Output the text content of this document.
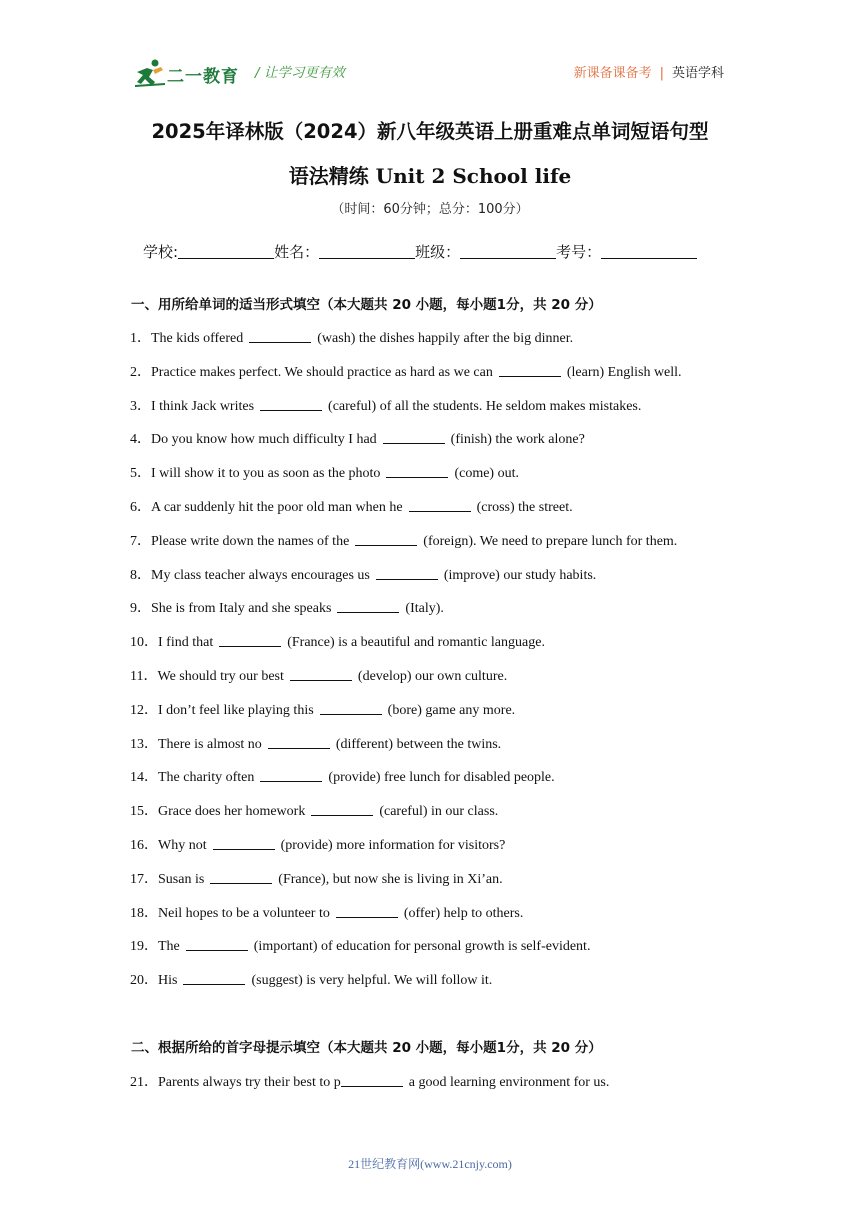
二一教育 / 让学习更有效	新课备课备考 | 英语学科
2025年译林版（2024）新八年级英语上册重难点单词短语句型
语法精练 Unit 2 School life
（时间：60分钟；总分：100分）
学校:	姓名：	班级：	考号：
一、用所给单词的适当形式填空（本大题共 20 小题，每小题1分，共 20 分）
1．The kids offered	(wash) the dishes happily after the big dinner.
2．Practice makes perfect. We should practice as hard as we can	(learn) English well.
3．I think Jack writes	(careful) of all the students. He seldom makes mistakes.
4．Do you know how much difficulty I had	(finish) the work alone?
5．I will show it to you as soon as the photo	(come) out.
6．A car suddenly hit the poor old man when he	(cross) the street.
7．Please write down the names of the	(foreign). We need to prepare lunch for them.
8．My class teacher always encourages us	(improve) our study habits.
9．She is from Italy and she speaks	(Italy).
10．I find that	(France) is a beautiful and romantic language.
11．We should try our best	(develop) our own culture.
12．I don’t feel like playing this	(bore) game any more.
13．There is almost no	(different) between the twins.
14．The charity often	(provide) free lunch for disabled people.
15．Grace does her homework	(careful) in our class.
16．Why not	(provide) more information for visitors?
17．Susan is	(France), but now she is living in Xi’an.
18．Neil hopes to be a volunteer to	(offer) help to others.
19．The	(important) of education for personal growth is self-evident.
20．His	(suggest) is very helpful. We will follow it.
二、根据所给的首字母提示填空（本大题共 20 小题，每小题1分，共 20 分）
21．Parents always try their best to p	a good learning environment for us.
21世纪教育网(www.21cnjy.com)
